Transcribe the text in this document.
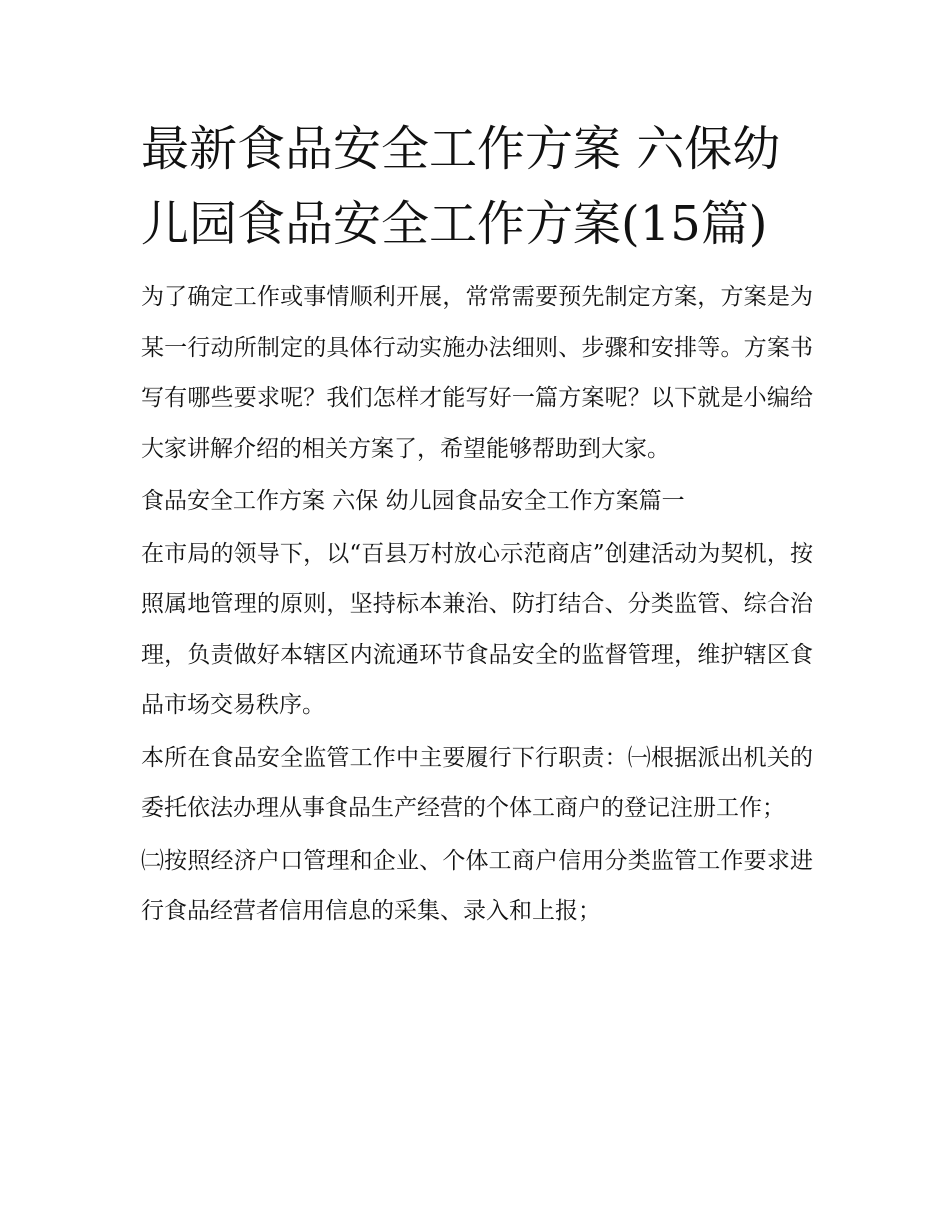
最新食品安全工作方案 六保幼儿园食品安全工作方案(15篇)

为了确定工作或事情顺利开展，常常需要预先制定方案，方案是为某一行动所制定的具体行动实施办法细则、步骤和安排等。方案书写有哪些要求呢？我们怎样才能写好一篇方案呢？以下就是小编给大家讲解介绍的相关方案了，希望能够帮助到大家。

食品安全工作方案 六保 幼儿园食品安全工作方案篇一

在市局的领导下，以“百县万村放心示范商店”创建活动为契机，按照属地管理的原则，坚持标本兼治、防打结合、分类监管、综合治理，负责做好本辖区内流通环节食品安全的监督管理，维护辖区食品市场交易秩序。

本所在食品安全监管工作中主要履行下行职责：㈠根据派出机关的委托依法办理从事食品生产经营的个体工商户的登记注册工作；

㈡按照经济户口管理和企业、个体工商户信用分类监管工作要求进行食品经营者信用信息的采集、录入和上报；
